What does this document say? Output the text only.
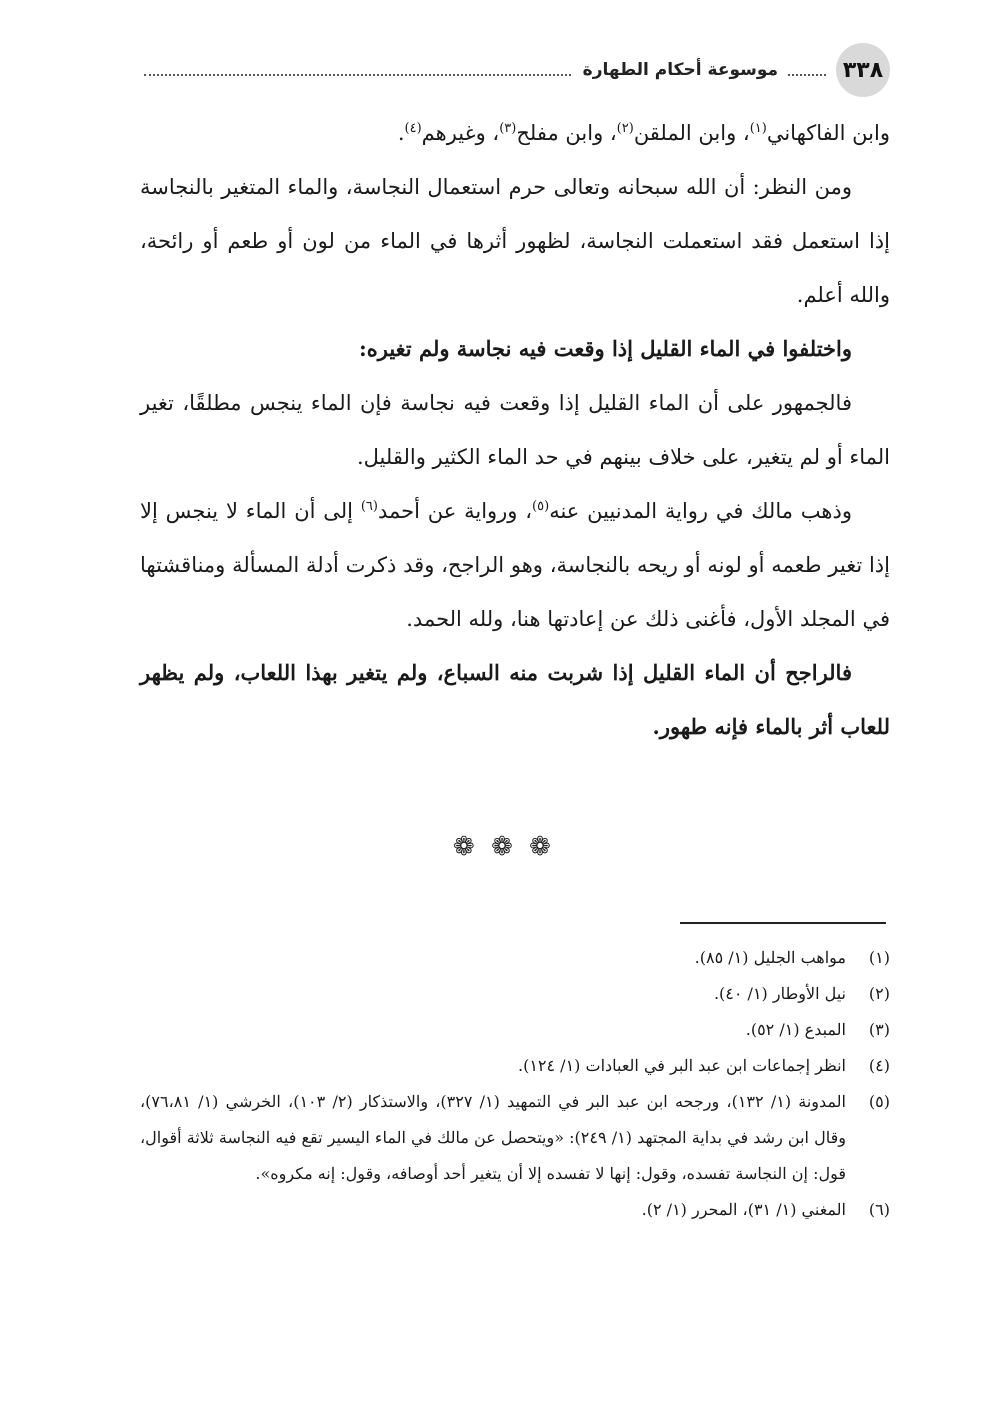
٣٣٨
موسوعة أحكام الطهارة

وابن الفاكهاني$^{(١)}$، وابن الملقن$^{(٢)}$، وابن مفلح$^{(٣)}$، وغيرهم$^{(٤)}$.

ومن النظر: أن الله سبحانه وتعالى حرم استعمال النجاسة، والماء المتغير بالنجاسة إذا استعمل فقد استعملت النجاسة، لظهور أثرها في الماء من لون أو طعم أو رائحة، والله أعلم.

واختلفوا في الماء القليل إذا وقعت فيه نجاسة ولم تغيره:

فالجمهور على أن الماء القليل إذا وقعت فيه نجاسة فإن الماء ينجس مطلقًا، تغير الماء أو لم يتغير، على خلاف بينهم في حد الماء الكثير والقليل.

وذهب مالك في رواية المدنيين عنه$^{(٥)}$، ورواية عن أحمد$^{(٦)}$ إلى أن الماء لا ينجس إلا إذا تغير طعمه أو لونه أو ريحه بالنجاسة، وهو الراجح، وقد ذكرت أدلة المسألة ومناقشتها في المجلد الأول، فأغنى ذلك عن إعادتها هنا، ولله الحمد.

فالراجح أن الماء القليل إذا شربت منه السباع، ولم يتغير بهذا اللعاب، ولم يظهر للعاب أثر بالماء فإنه طهور.

❁ ❁ ❁
(١)
مواهب الجليل (١/ ٨٥).
(٢)
نيل الأوطار (١/ ٤٠).
(٣)
المبدع (١/ ٥٢).
(٤)
انظر إجماعات ابن عبد البر في العبادات (١/ ١٢٤).
(٥)
المدونة (١/ ١٣٢)، ورجحه ابن عبد البر في التمهيد (١/ ٣٢٧)، والاستذكار (٢/ ١٠٣)، الخرشي (١/ ٧٦،٨١)، وقال ابن رشد في بداية المجتهد (١/ ٢٤٩): «ويتحصل عن مالك في الماء اليسير تقع فيه النجاسة ثلاثة أقوال، قول: إن النجاسة تفسده، وقول: إنها لا تفسده إلا أن يتغير أحد أوصافه، وقول: إنه مكروه».
(٦)
المغني (١/ ٣١)، المحرر (١/ ٢).
